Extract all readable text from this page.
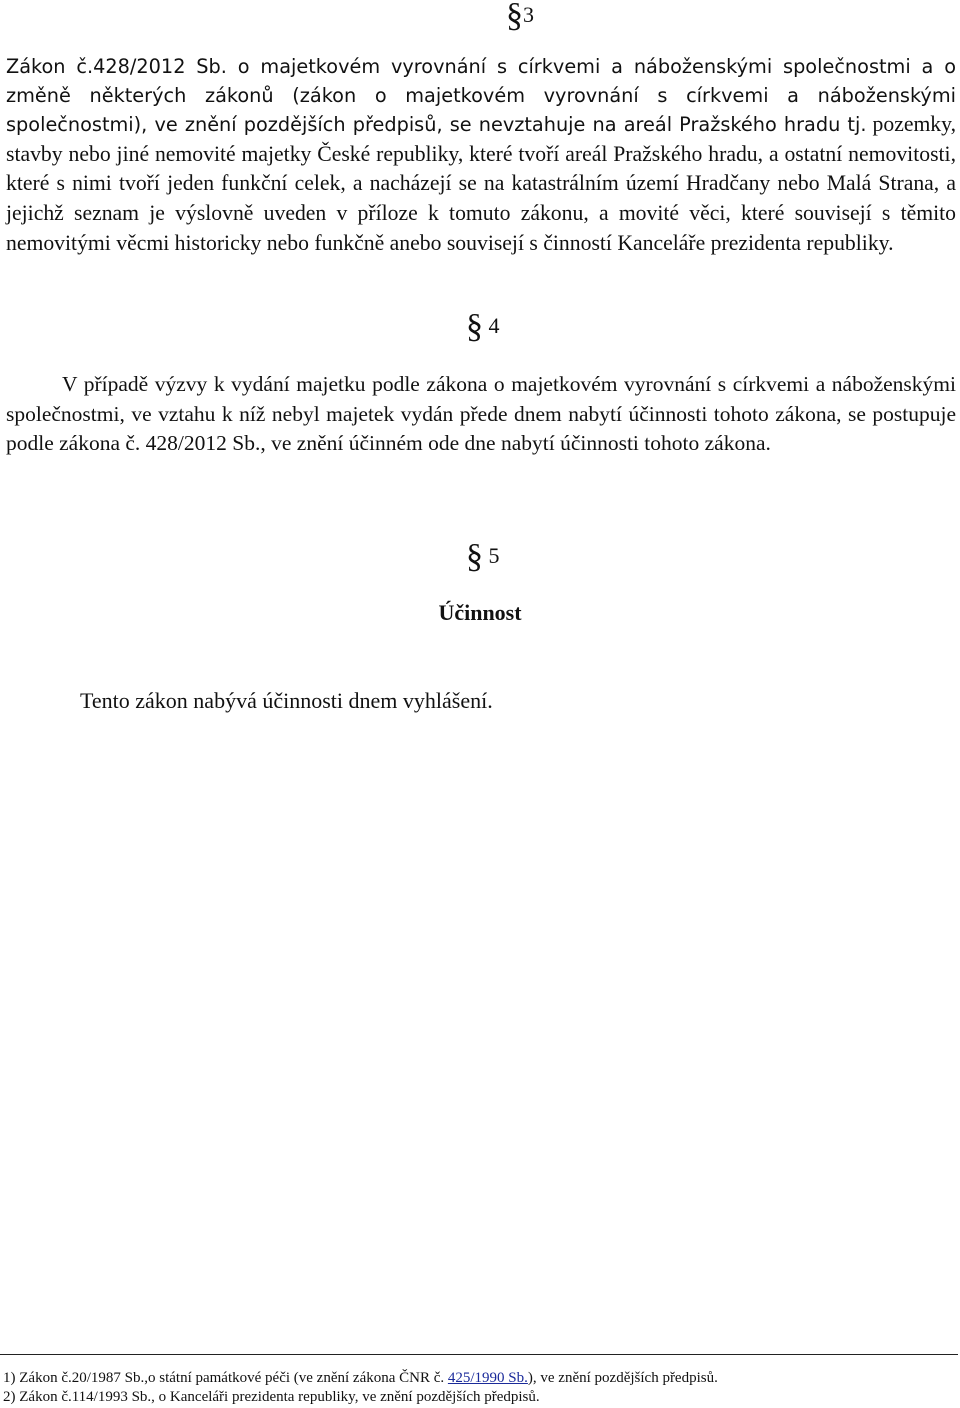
§3
Zákon č.428/2012 Sb. o majetkovém vyrovnání s církvemi a náboženskými společnostmi a o změně některých zákonů (zákon o majetkovém vyrovnání s církvemi a náboženskými společnostmi), ve znění pozdějších předpisů, se nevztahuje na areál Pražského hradu tj. pozemky, stavby nebo jiné nemovité majetky České republiky, které tvoří areál Pražského hradu, a ostatní nemovitosti, které s nimi tvoří jeden funkční celek, a nacházejí se na katastrálním území Hradčany nebo Malá Strana, a jejichž seznam je výslovně uveden v příloze k tomuto zákonu, a movité věci, které souvisejí s těmito nemovitými věcmi historicky nebo funkčně anebo souvisejí s činností Kanceláře prezidenta republiky.
§ 4
V případě výzvy k vydání majetku podle zákona o majetkovém vyrovnání s církvemi a náboženskými společnostmi, ve vztahu k níž nebyl majetek vydán přede dnem nabytí účinnosti tohoto zákona, se postupuje podle zákona č. 428/2012 Sb., ve znění účinném ode dne nabytí účinnosti tohoto zákona.
§ 5
Účinnost
Tento zákon nabývá účinnosti dnem vyhlášení.
1) Zákon č.20/1987 Sb.,o státní památkové péči (ve znění zákona ČNR č. 425/1990 Sb.), ve znění pozdějších předpisů.
2) Zákon č.114/1993 Sb., o Kanceláři prezidenta republiky, ve znění pozdějších předpisů.
